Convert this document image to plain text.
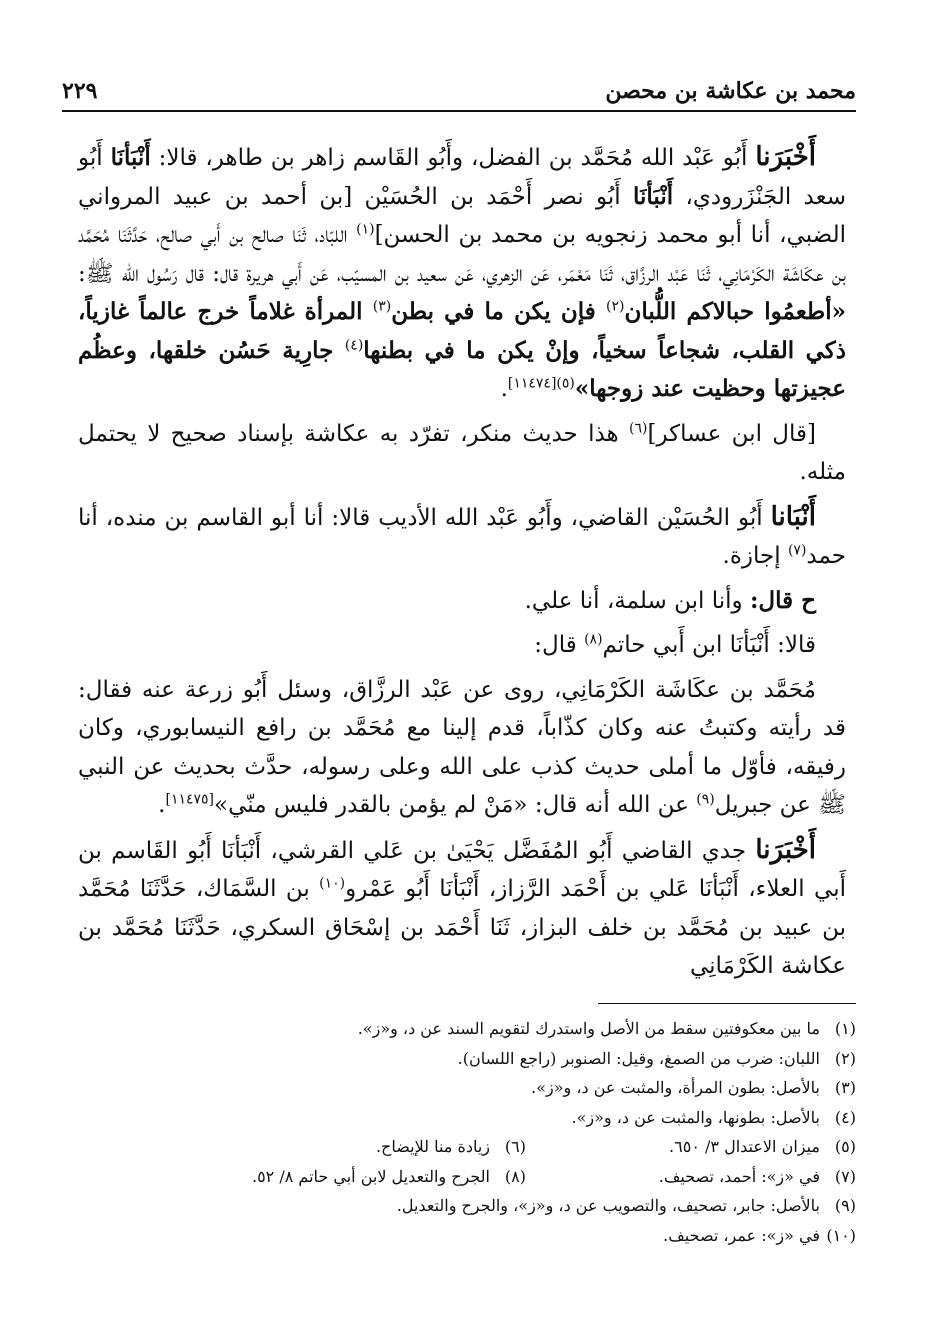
محمد بن عكاشة بن محصن
٢٢٩

أَخْبَرَنا أَبُو عَبْد الله مُحَمَّد بن الفضل، وأَبُو القَاسم زاهر بن طاهر، قالا: أَنْبَأنَا أَبُو سعد الجَنْزَرودي، أَنْبَأنَا أَبُو نصر أَحْمَد بن الحُسَيْن [بن أحمد بن عبيد المرواني الضبي، أنا أبو محمد زنجويه بن محمد بن الحسن]$^{(١)}$ اللبّاد، ثَنَا صالح بن أَبي صالح، حَدَّثَنَا مُحَمَّد بن عكَاشَة الكَرْمَانِي، ثَنَا عَبْد الرزَّاق، ثَنَا مَعْمَر، عَن الزهري، عَن سعيد بن المسيّب، عَن أَبي هريرة قال: قال رَسُول الله ﷺ: «أطعمُوا حبالاكم اللُّبان$^{(٢)}$ فإن يكن ما في بطن$^{(٣)}$ المرأة غلاماً خرج عالماً غازياً، ذكي القلب، شجاعاً سخياً، وإنْ يكن ما في بطنها$^{(٤)}$ جارِية حَسُن خلقها، وعظُم عجيزتها وحظيت عند زوجها»$^{(٥)[١١٤٧٤]}$.

[قال ابن عساكر]$^{(٦)}$ هذا حديث منكر، تفرّد به عكاشة بإسناد صحيح لا يحتمل مثله.

أَنْبَانا أَبُو الحُسَيْن القاضي، وأَبُو عَبْد الله الأديب قالا: أنا أبو القاسم بن منده، أنا حمد$^{(٧)}$ إجازة.

ح قال: وأنا ابن سلمة، أنا علي.

قالا: أَنْبَأنَا ابن أَبي حاتم$^{(٨)}$ قال:

مُحَمَّد بن عكَاشَة الكَرْمَانِي، روى عن عَبْد الرزَّاق، وسئل أَبُو زرعة عنه فقال: قد رأيته وكتبتُ عنه وكان كذّاباً، قدم إلينا مع مُحَمَّد بن رافع النيسابوري، وكان رفيقه، فأوّل ما أملى حديث كذب على الله وعلى رسوله، حدَّث بحديث عن النبي ﷺ عن جبريل$^{(٩)}$ عن الله أنه قال: «مَنْ لم يؤمن بالقدر فليس منّي»[١١٤٧٥].

أَخْبَرَنا جدي القاضي أَبُو المُفَضَّل يَحْيَىٰ بن عَلي القرشي، أَنْبَأنَا أَبُو القَاسم بن أَبي العلاء، أَنْبَأنَا عَلي بن أَحْمَد الرَّزاز، أَنْبَأنَا أَبُو عَمْرو$^{(١٠)}$ بن السَّمَاك، حَدَّثَنَا مُحَمَّد بن عبيد بن مُحَمَّد بن خلف البزاز، ثَنَا أَحْمَد بن إسْحَاق السكري، حَدَّثَنَا مُحَمَّد بن عكاشة الكَرْمَانِي

(١)
ما بين معكوفتين سقط من الأصل واستدرك لتقويم السند عن د، و«ز».
(٢)
اللبان: ضرب من الصمغ، وقيل: الصنوبر (راجع اللسان).
(٣)
بالأصل: بطون المرأة، والمثبت عن د، و«ز».
(٤)
بالأصل: بطونها، والمثبت عن د، و«ز».
(٥)
ميزان الاعتدال ٣/ ٦٥٠.
(٦)
زيادة منا للإيضاح.
(٧)
في «ز»: أحمد، تصحيف.
(٨)
الجرح والتعديل لابن أبي حاتم ٨/ ٥٢.
(٩)
بالأصل: جابر، تصحيف، والتصويب عن د، و«ز»، والجرح والتعديل.
(١٠)
في «ز»: عمر، تصحيف.
